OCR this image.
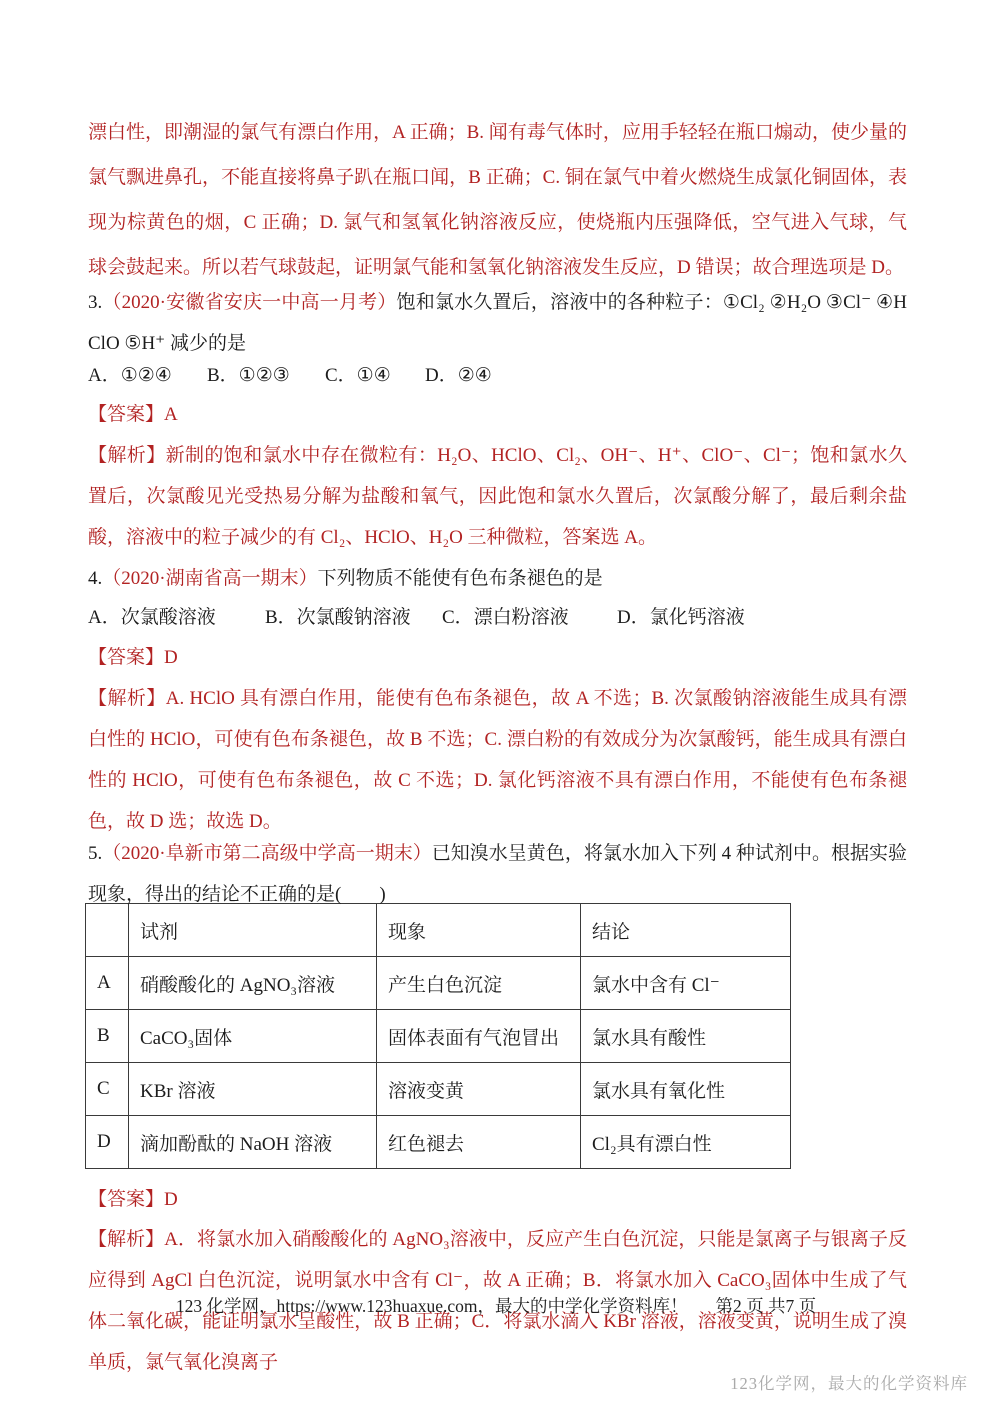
漂白性，即潮湿的氯气有漂白作用，A 正确；B. 闻有毒气体时，应用手轻轻在瓶口煽动，使少量的氯气飘进鼻孔，不能直接将鼻子趴在瓶口闻，B 正确；C. 铜在氯气中着火燃烧生成氯化铜固体，表现为棕黄色的烟，C 正确；D. 氯气和氢氧化钠溶液反应，使烧瓶内压强降低，空气进入气球，气球会鼓起来。所以若气球鼓起，证明氯气能和氢氧化钠溶液发生反应，D 错误；故合理选项是 D。

3.（2020·安徽省安庆一中高一月考）饱和氯水久置后，溶液中的各种粒子：①Cl₂ ②H₂O ③Cl⁻ ④HClO ⑤H⁺ 减少的是

A．①②④ B．①②③ C．①④ D．②④

【答案】A

【解析】新制的饱和氯水中存在微粒有：H₂O、HClO、Cl₂、OH⁻、H⁺、ClO⁻、Cl⁻；饱和氯水久置后，次氯酸见光受热易分解为盐酸和氧气，因此饱和氯水久置后，次氯酸分解了，最后剩余盐酸，溶液中的粒子减少的有 Cl₂、HClO、H₂O 三种微粒，答案选 A。

4.（2020·湖南省高一期末）下列物质不能使有色布条褪色的是

A．次氯酸溶液	B．次氯酸钠溶液 C．漂白粉溶液	D．氯化钙溶液

【答案】D

【解析】A. HClO 具有漂白作用，能使有色布条褪色，故 A 不选；B. 次氯酸钠溶液能生成具有漂白性的 HClO，可使有色布条褪色，故 B 不选；C. 漂白粉的有效成分为次氯酸钙，能生成具有漂白性的 HClO，可使有色布条褪色，故 C 不选；D. 氯化钙溶液不具有漂白作用，不能使有色布条褪色，故 D 选；故选 D。

5.（2020·阜新市第二高级中学高一期末）已知溴水呈黄色，将氯水加入下列 4 种试剂中。根据实验现象，得出的结论不正确的是(　　)

	试剂	现象	结论
A	硝酸酸化的 AgNO₃溶液	产生白色沉淀	氯水中含有 Cl⁻
B	CaCO₃固体	固体表面有气泡冒出	氯水具有酸性
C	KBr 溶液	溶液变黄	氯水具有氧化性
D	滴加酚酞的 NaOH 溶液	红色褪去	Cl₂具有漂白性

【答案】D

【解析】A．将氯水加入硝酸酸化的 AgNO₃溶液中，反应产生白色沉淀，只能是氯离子与银离子反应得到 AgCl 白色沉淀，说明氯水中含有 Cl⁻，故 A 正确；B．将氯水加入 CaCO₃固体中生成了气体二氧化碳，能证明氯水呈酸性，故 B 正确；C．将氯水滴入 KBr 溶液，溶液变黄，说明生成了溴单质，氯气氧化溴离子

123 化学网，https://www.123huaxue.com，最大的中学化学资料库！ 第2 页 共7 页
123化学网，最大的化学资料库
